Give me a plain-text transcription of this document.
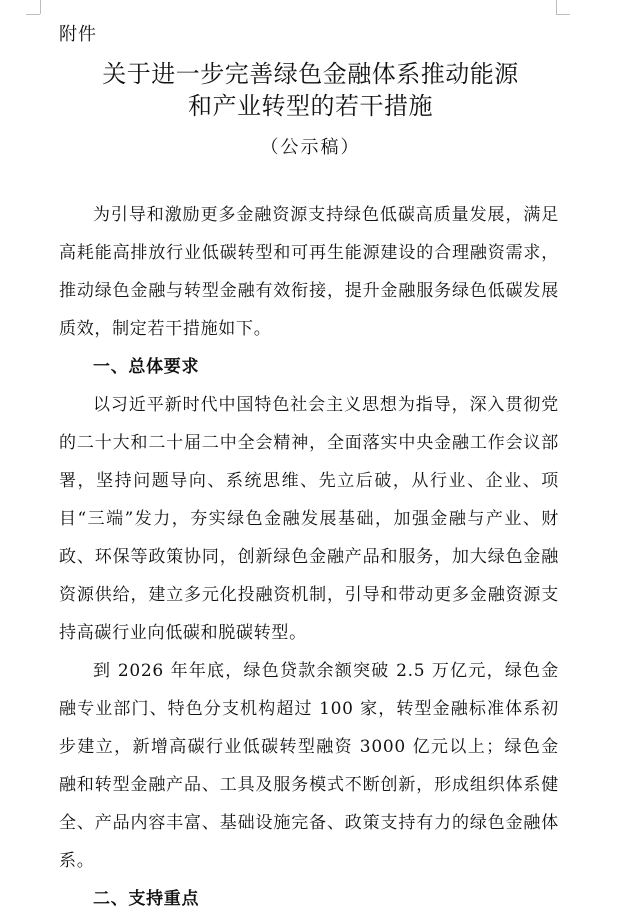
附件
关于进一步完善绿色金融体系推动能源
和产业转型的若干措施
（公示稿）

为引导和激励更多金融资源支持绿色低碳高质量发展，满足高耗能高排放行业低碳转型和可再生能源建设的合理融资需求，推动绿色金融与转型金融有效衔接，提升金融服务绿色低碳发展质效，制定若干措施如下。

一、总体要求

以习近平新时代中国特色社会主义思想为指导，深入贯彻党的二十大和二十届二中全会精神，全面落实中央金融工作会议部署，坚持问题导向、系统思维、先立后破，从行业、企业、项目“三端”发力，夯实绿色金融发展基础，加强金融与产业、财政、环保等政策协同，创新绿色金融产品和服务，加大绿色金融资源供给，建立多元化投融资机制，引导和带动更多金融资源支持高碳行业向低碳和脱碳转型。

到 2026 年年底，绿色贷款余额突破 2.5 万亿元，绿色金融专业部门、特色分支机构超过 100 家，转型金融标准体系初步建立，新增高碳行业低碳转型融资 3000 亿元以上；绿色金融和转型金融产品、工具及服务模式不断创新，形成组织体系健全、产品内容丰富、基础设施完备、政策支持有力的绿色金融体系。

二、支持重点
